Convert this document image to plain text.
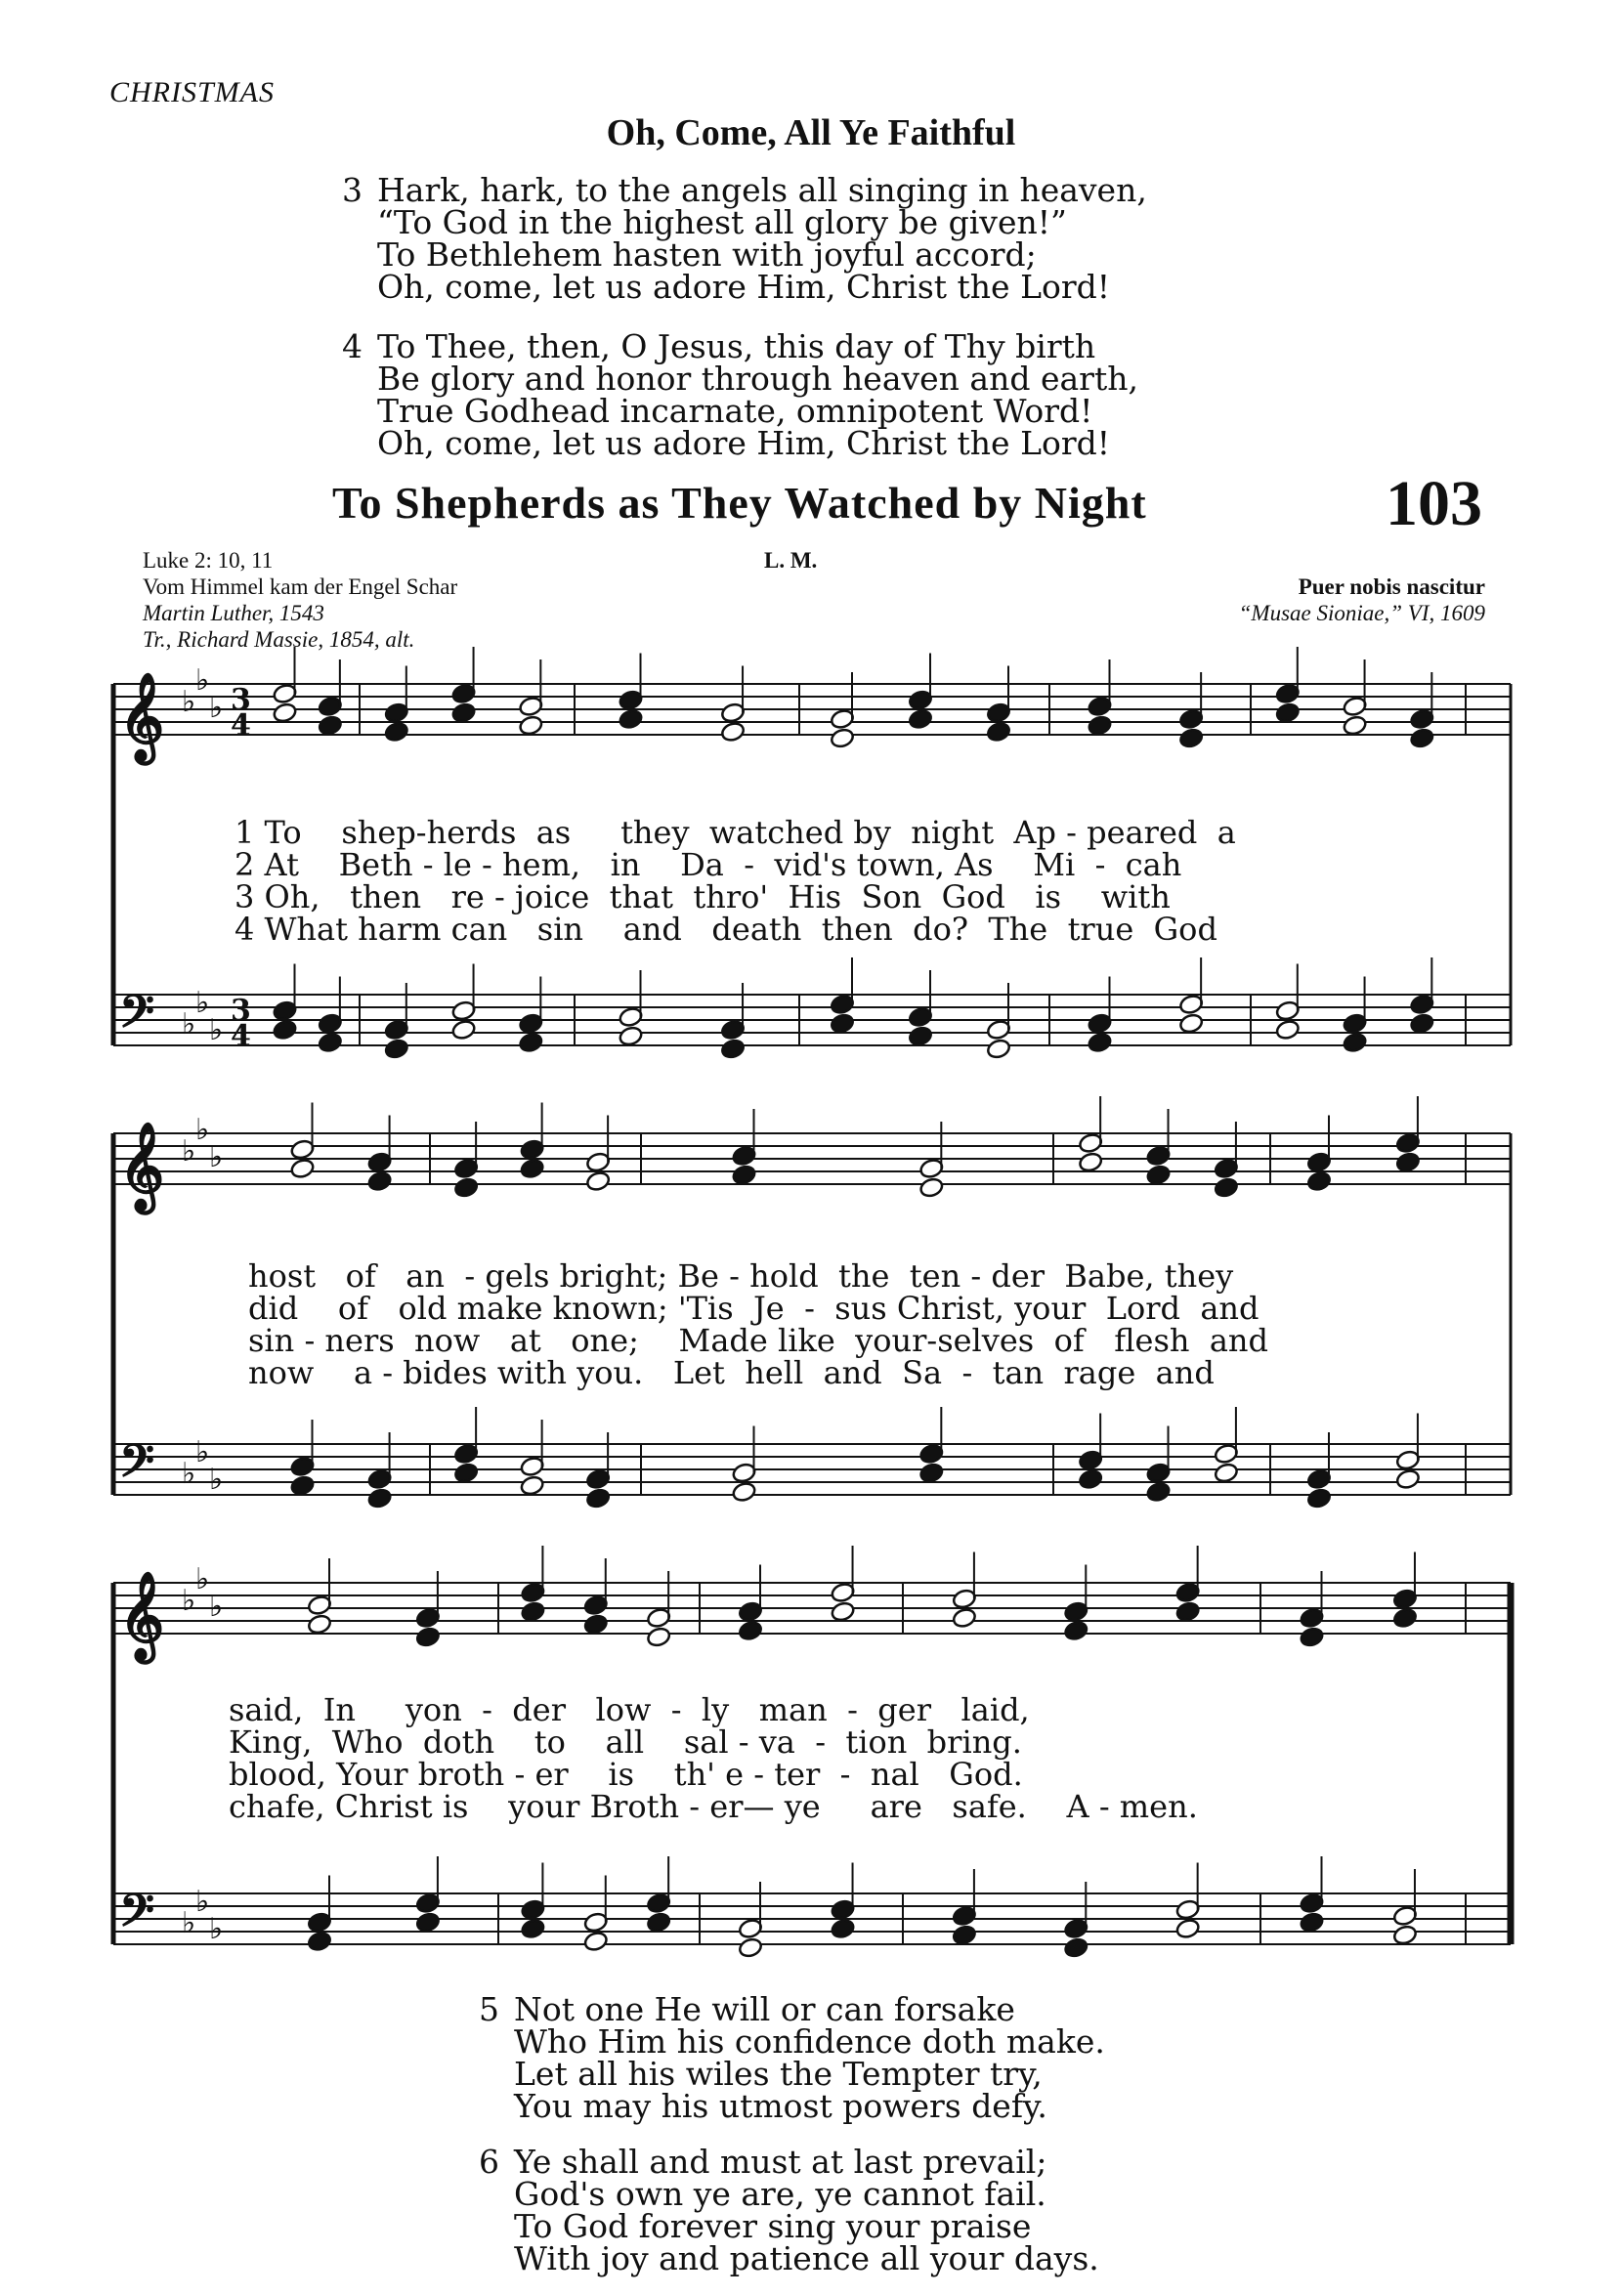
CHRISTMAS
Oh, Come, All Ye Faithful
3 Hark, hark, to the angels all singing in heaven,
“To God in the highest all glory be given!”
To Bethlehem hasten with joyful accord;
Oh, come, let us adore Him, Christ the Lord!
4 To Thee, then, O Jesus, this day of Thy birth
Be glory and honor through heaven and earth,
True Godhead incarnate, omnipotent Word!
Oh, come, let us adore Him, Christ the Lord!
To Shepherds as They Watched by Night	103
Luke 2: 10, 11
Vom Himmel kam der Engel Schar
Martin Luther, 1543
Tr., Richard Massie, 1854, alt.
L. M.
Puer nobis nascitur
“Musae Sioniae,” VI, 1609
𝄞 ♭
♭
♭ 3
4
𝄢 ♭
♭
♭
3
4
𝄞 ♭
♭
♭
𝄢 ♭
♭
♭
𝄞 ♭
♭
♭
𝄢 ♭
♭
♭
1 To    shep-herds  as     they  watched by  night  Ap - peared  a
2 At    Beth - le - hem,   in    Da  -  vid's town, As    Mi  -  cah
3 Oh,   then   re - joice  that  thro'  His  Son  God   is    with
4 What harm can   sin    and   death  then  do?  The  true  God
host   of   an  - gels bright; Be - hold  the  ten - der  Babe, they
did    of   old make known; 'Tis  Je  -  sus Christ, your  Lord  and
sin - ners  now   at   one;    Made like  your-selves  of   flesh  and
now    a - bides with you.   Let  hell  and  Sa  -  tan  rage  and
said,  In     yon  -  der   low  -  ly   man  -  ger   laid,
King,  Who  doth    to    all    sal - va  -  tion  bring.
blood, Your broth - er    is    th' e - ter  -  nal   God.
chafe, Christ is    your Broth - er— ye     are   safe.    A - men.
5 Not one He will or can forsake
Who Him his confidence doth make.
Let all his wiles the Tempter try,
You may his utmost powers defy.
6 Ye shall and must at last prevail;
God's own ye are, ye cannot fail.
To God forever sing your praise
With joy and patience all your days.
